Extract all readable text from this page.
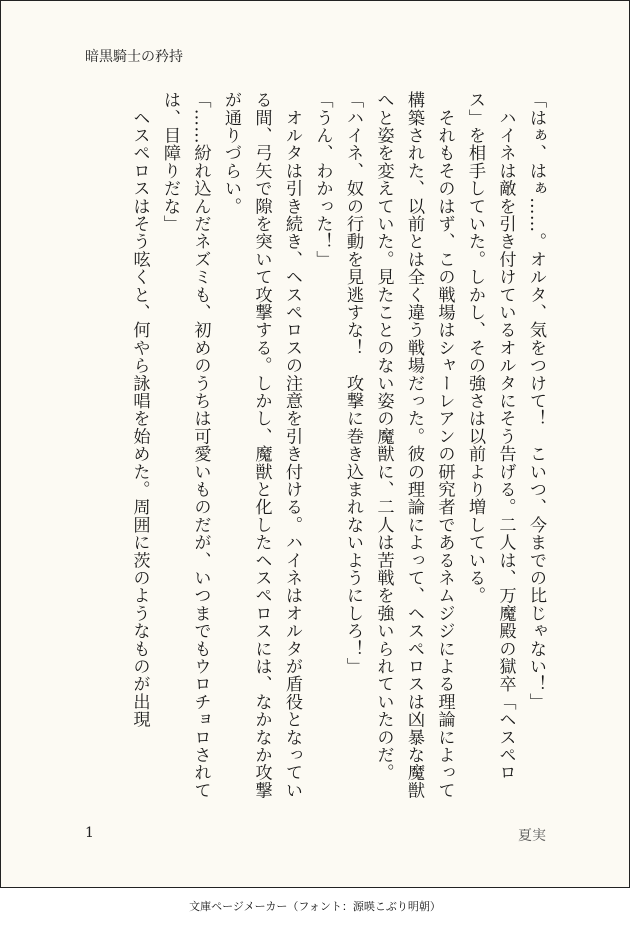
暗黒騎士の矜持

「はぁ、はぁ……。オルタ、気をつけて！　こいつ、今までの比じゃない！」

　ハイネは敵を引き付けているオルタにそう告げる。二人は、万魔殿の獄卒「ヘスペロス」を相手していた。しかし、その強さは以前より増している。

　それもそのはず、この戦場はシャーレアンの研究者であるネムジジによる理論によって構築された、以前とは全く違う戦場だった。彼の理論によって、ヘスペロスは凶暴な魔獣へと姿を変えていた。見たことのない姿の魔獣に、二人は苦戦を強いられていたのだ。

「ハイネ、奴の行動を見逃すな！　攻撃に巻き込まれないようにしろ！」

「うん、わかった！」

　オルタは引き続き、ヘスペロスの注意を引き付ける。ハイネはオルタが盾役となっている間、弓矢で隙を突いて攻撃する。しかし、魔獣と化したヘスペロスには、なかなか攻撃が通りづらい。

「……紛れ込んだネズミも、初めのうちは可愛いものだが、いつまでもウロチョロされては、目障りだな」

　ヘスペロスはそう呟くと、何やら詠唱を始めた。周囲に茨のようなものが出現

1	夏実
文庫ページメーカー（フォント：源暎こぶり明朝）
